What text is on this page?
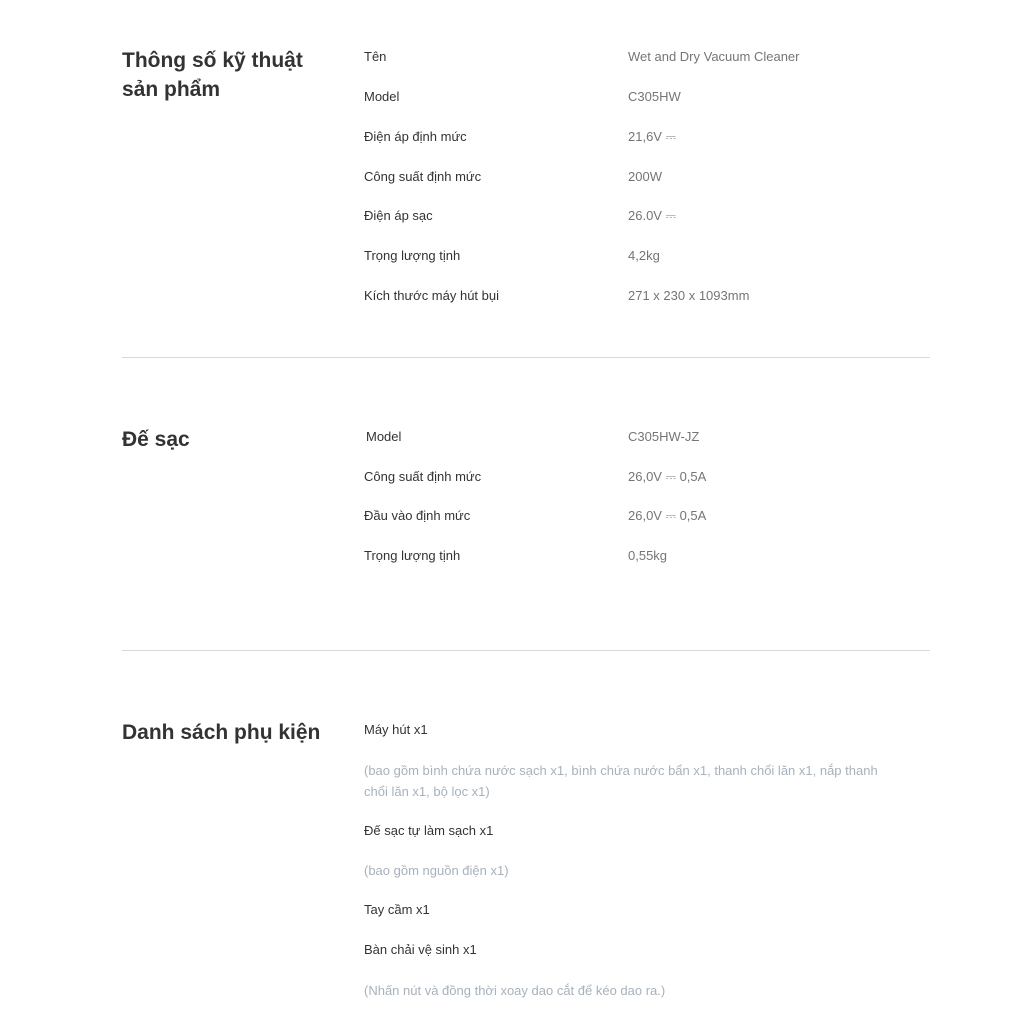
Thông số kỹ thuật
sản phẩm
Tên	Wet and Dry Vacuum Cleaner
Model	C305HW
Điện áp định mức	21,6V ⎓
Công suất định mức	200W
Điện áp sạc	26.0V ⎓
Trọng lượng tịnh	4,2kg
Kích thước máy hút bụi	271 x 230 x 1093mm
Đế sạc	Model	C305HW-JZ
Công suất định mức	26,0V ⎓ 0,5A
Đầu vào định mức	26,0V ⎓ 0,5A
Trọng lượng tịnh	0,55kg
Danh sách phụ kiện	Máy hút x1
(bao gồm bình chứa nước sạch x1, bình chứa nước bẩn x1, thanh chổi lăn x1, nắp thanh chổi lăn x1, bộ lọc x1)
Đế sạc tự làm sạch x1
(bao gồm nguồn điện x1)
Tay cầm x1
Bàn chải vệ sinh x1
(Nhấn nút và đồng thời xoay dao cắt để kéo dao ra.)
